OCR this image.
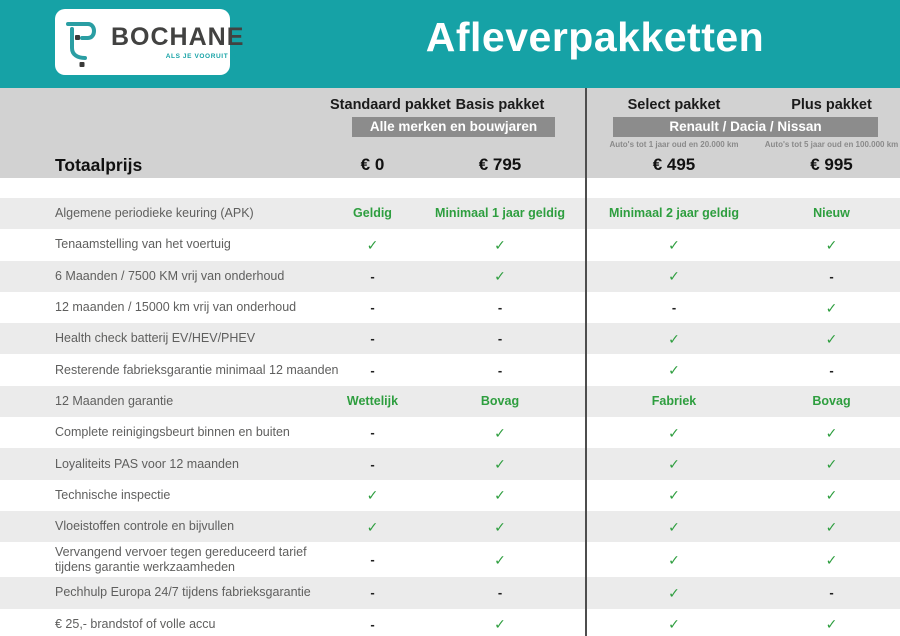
BOCHANE
ALS JE VOORUIT WIL	Afleverpakketten
Standaard pakket Basis pakket	Select pakket	Plus pakket
Alle merken en bouwjaren	Renault / Dacia / Nissan
Auto's tot 1 jaar oud en 20.000 km	Auto's tot 5 jaar oud en 100.000 km
Totaalprijs	€ 0	€ 795	€ 495	€ 995
Algemene periodieke keuring (APK)	Geldig	Minimaal 1 jaar geldig	Minimaal 2 jaar geldig	Nieuw
Tenaamstelling van het voertuig	✓	✓	✓	✓
6 Maanden / 7500 KM vrij van onderhoud	-	✓	✓	-
12 maanden / 15000 km vrij van onderhoud	-	-	-	✓
Health check batterij EV/HEV/PHEV	-	-	✓	✓
Resterende fabrieksgarantie minimaal 12 maanden	-	-	✓	-
12 Maanden garantie	Wettelijk	Bovag	Fabriek	Bovag
Complete reinigingsbeurt binnen en buiten	-	✓	✓	✓
Loyaliteits PAS voor 12 maanden	-	✓	✓	✓
Technische inspectie	✓	✓	✓	✓
Vloeistoffen controle en bijvullen	✓	✓	✓	✓
Vervangend vervoer tegen gereduceerd tarief tijdens garantie werkzaamheden	-	✓	✓	✓
Pechhulp Europa 24/7 tijdens fabrieksgarantie	-	-	✓	-
€ 25,- brandstof of volle accu	-	✓	✓	✓
